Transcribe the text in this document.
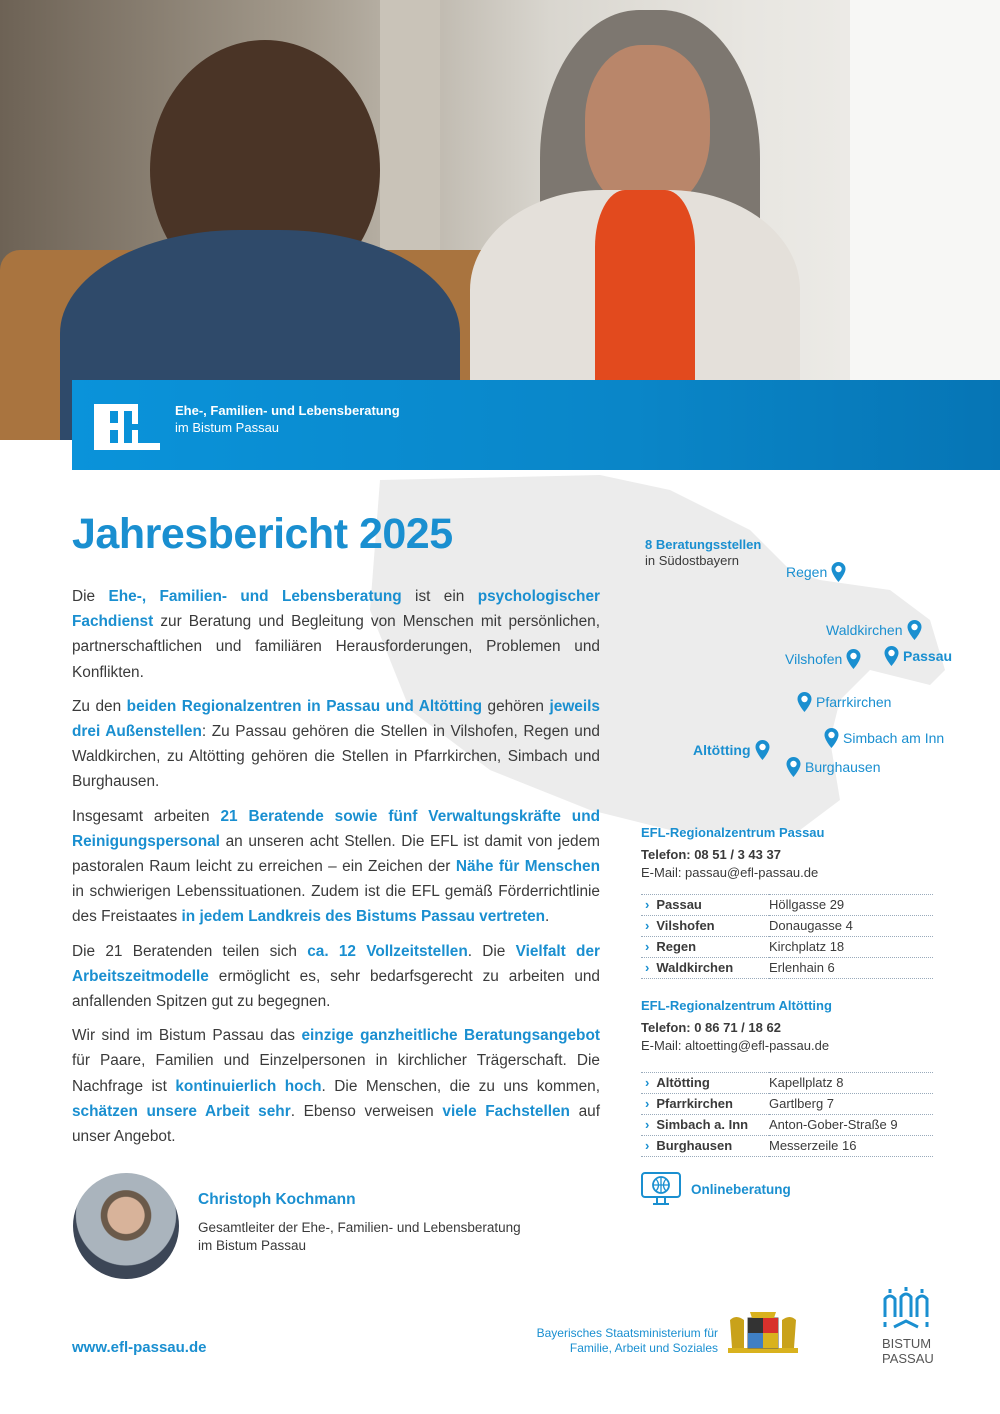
Ehe-, Familien- und Lebensberatung
im Bistum Passau
8 Beratungsstellen
in Südostbayern
Regen
Waldkirchen
Vilshofen	Passau
Pfarrkirchen
Simbach am Inn
Altötting
Burghausen
Jahresbericht 2025

Die Ehe-, Familien- und Lebensberatung ist ein psychologischer Fachdienst zur Beratung und Begleitung von Menschen mit persönlichen, partnerschaftlichen und familiären Herausforderungen, Problemen und Konflikten.

Zu den beiden Regionalzentren in Passau und Altötting gehören jeweils drei Außenstellen: Zu Passau gehören die Stellen in Vilshofen, Regen und Waldkirchen, zu Altötting gehören die Stellen in Pfarrkirchen, Simbach und Burghausen.

Insgesamt arbeiten 21 Beratende sowie fünf Verwaltungskräfte und Reinigungspersonal an unseren acht Stellen. Die EFL ist damit von jedem pastoralen Raum leicht zu erreichen – ein Zeichen der Nähe für Menschen in schwierigen Lebenssituationen. Zudem ist die EFL gemäß Förderrichtlinie des Freistaates in jedem Landkreis des Bistums Passau vertreten.

Die 21 Beratenden teilen sich ca. 12 Vollzeitstellen. Die Vielfalt der Arbeitszeitmodelle ermöglicht es, sehr bedarfsgerecht zu arbeiten und anfallenden Spitzen gut zu begegnen.

Wir sind im Bistum Passau das einzige ganzheitliche Beratungsangebot für Paare, Familien und Einzelpersonen in kirchlicher Trägerschaft. Die Nachfrage ist kontinuierlich hoch. Die Menschen, die zu uns kommen, schätzen unsere Arbeit sehr. Ebenso verweisen viele Fachstellen auf unser Angebot.

Christoph Kochmann
Gesamtleiter der Ehe-, Familien- und Lebensberatung
im Bistum Passau
EFL-Regionalzentrum Passau
Telefon: 08 51 / 3 43 37
E-Mail: passau@efl-passau.de
› Passau	Höllgasse 29
› Vilshofen	Donaugasse 4
› Regen	Kirchplatz 18
› Waldkirchen	Erlenhain 6
EFL-Regionalzentrum Altötting
Telefon: 0 86 71 / 18 62
E-Mail: altoetting@efl-passau.de
› Altötting	Kapellplatz 8
› Pfarrkirchen	Gartlberg 7
› Simbach a. Inn	Anton-Gober-Straße 9
› Burghausen	Messerzeile 16
Onlineberatung
www.efl-passau.de
Bayerisches Staatsministerium für
Familie, Arbeit und Soziales	BISTUM
PASSAU
